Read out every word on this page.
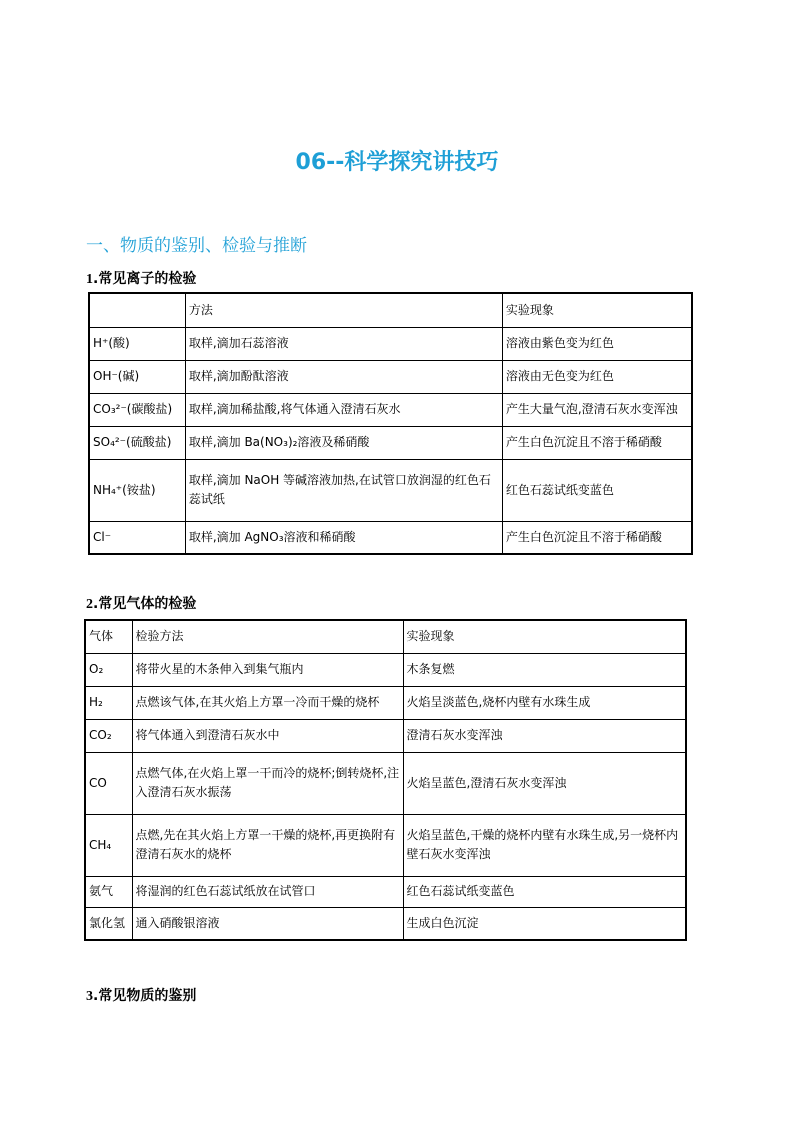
06--科学探究讲技巧
一、物质的鉴别、检验与推断
1.常见离子的检验
	方法	实验现象
H⁺(酸)	取样,滴加石蕊溶液	溶液由紫色变为红色
OH⁻(碱)	取样,滴加酚酞溶液	溶液由无色变为红色
CO₃²⁻(碳酸盐)	取样,滴加稀盐酸,将气体通入澄清石灰水	产生大量气泡,澄清石灰水变浑浊
SO₄²⁻(硫酸盐)	取样,滴加 Ba(NO₃)₂溶液及稀硝酸	产生白色沉淀且不溶于稀硝酸
NH₄⁺(铵盐)	取样,滴加 NaOH 等碱溶液加热,在试管口放润湿的红色石蕊试纸	红色石蕊试纸变蓝色
Cl⁻	取样,滴加 AgNO₃溶液和稀硝酸	产生白色沉淀且不溶于稀硝酸
2.常见气体的检验
气体	检验方法	实验现象
O₂	将带火星的木条伸入到集气瓶内	木条复燃
H₂	点燃该气体,在其火焰上方罩一冷而干燥的烧杯	火焰呈淡蓝色,烧杯内壁有水珠生成
CO₂	将气体通入到澄清石灰水中	澄清石灰水变浑浊
CO	点燃气体,在火焰上罩一干而冷的烧杯;倒转烧杯,注入澄清石灰水振荡	火焰呈蓝色,澄清石灰水变浑浊
CH₄	点燃,先在其火焰上方罩一干燥的烧杯,再更换附有澄清石灰水的烧杯	火焰呈蓝色,干燥的烧杯内壁有水珠生成,另一烧杯内壁石灰水变浑浊
氨气	将湿润的红色石蕊试纸放在试管口	红色石蕊试纸变蓝色
氯化氢	通入硝酸银溶液	生成白色沉淀
3.常见物质的鉴别
